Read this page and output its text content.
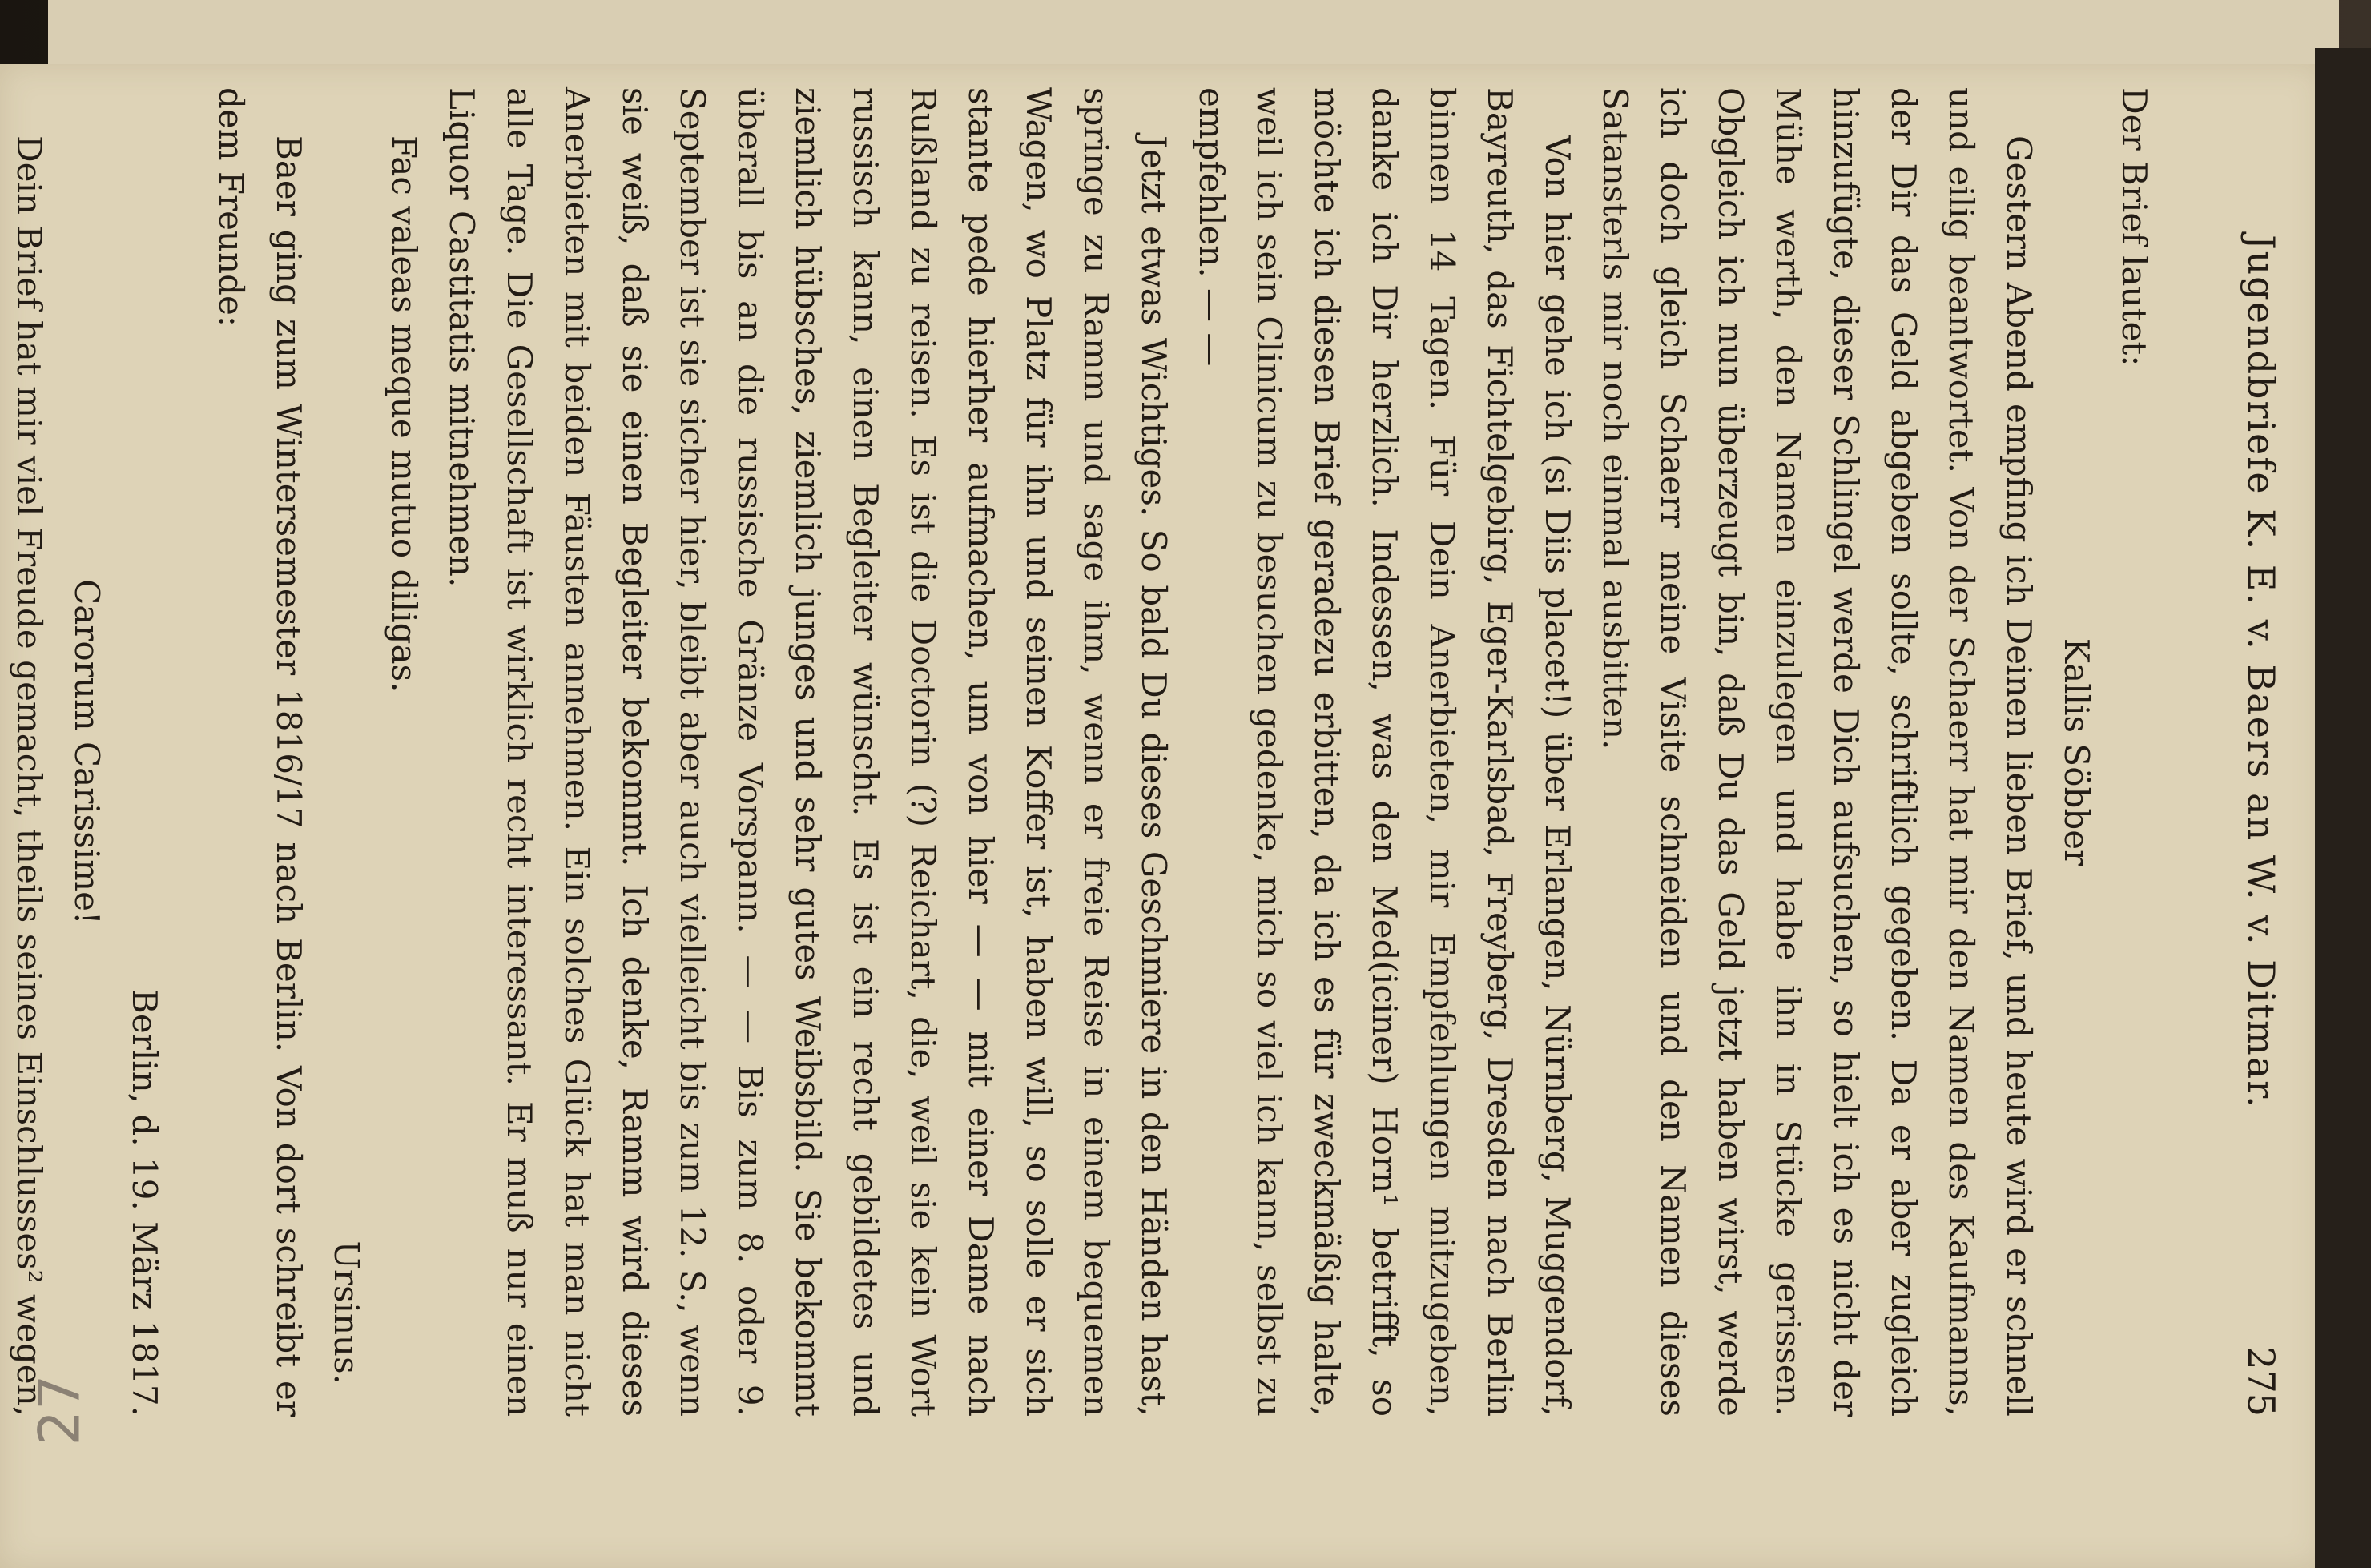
Jugendbriefe K. E. v. Baers an W. v. Ditmar.
275

Der Brief lautet:

Kallis Söbber

Gestern Abend empfing ich Deinen lieben Brief, und heute wird er schnell und eilig beantwortet. Von der Schaerr hat mir den Namen des Kaufmanns, der Dir das Geld abgeben sollte, schriftlich gegeben. Da er aber zugleich hinzufügte, dieser Schlingel werde Dich aufsuchen, so hielt ich es nicht der Mühe werth, den Namen einzulegen und habe ihn in Stücke gerissen. Obgleich ich nun überzeugt bin, daß Du das Geld jetzt haben wirst, werde ich doch gleich Schaerr meine Visite schneiden und den Namen dieses Satansterls mir noch einmal ausbitten.

Von hier gehe ich (si Diis placet!) über Erlangen, Nürnberg, Muggendorf, Bayreuth, das Fichtelgebirg, Eger-Karlsbad, Freyberg, Dresden nach Berlin binnen 14 Tagen. Für Dein Anerbieten, mir Empfehlungen mitzugeben, danke ich Dir herzlich. Indessen, was den Med(iciner) Horn¹ betrifft, so möchte ich diesen Brief geradezu erbitten, da ich es für zweckmäßig halte, weil ich sein Clinicum zu besuchen gedenke, mich so viel ich kann, selbst zu empfehlen. — —

Jetzt etwas Wichtiges. So bald Du dieses Geschmiere in den Händen hast, springe zu Ramm und sage ihm, wenn er freie Reise in einem bequemen Wagen, wo Platz für ihn und seinen Koffer ist, haben will, so solle er sich stante pede hierher aufmachen, um von hier — — mit einer Dame nach Rußland zu reisen. Es ist die Doctorin (?) Reichart, die, weil sie kein Wort russisch kann, einen Begleiter wünscht. Es ist ein recht gebildetes und ziemlich hübsches, ziemlich junges und sehr gutes Weibsbild. Sie bekommt überall bis an die russische Gränze Vorspann. — — Bis zum 8. oder 9. September ist sie sicher hier, bleibt aber auch vielleicht bis zum 12. S., wenn sie weiß, daß sie einen Begleiter bekommt. Ich denke, Ramm wird dieses Anerbieten mit beiden Fäusten annehmen. Ein solches Glück hat man nicht alle Tage. Die Gesellschaft ist wirklich recht interessant. Er muß nur einen Liquor Castitatis mitnehmen.

Fac valeas meque mutuo diligas.

Ursinus.

Baer ging zum Wintersemester 1816/17 nach Berlin. Von dort schreibt er dem Freunde:

Berlin, d. 19. März 1817.

Carorum Carissime!

Dein Brief hat mir viel Freude gemacht, theils seines Einschlusses² wegen,

27
